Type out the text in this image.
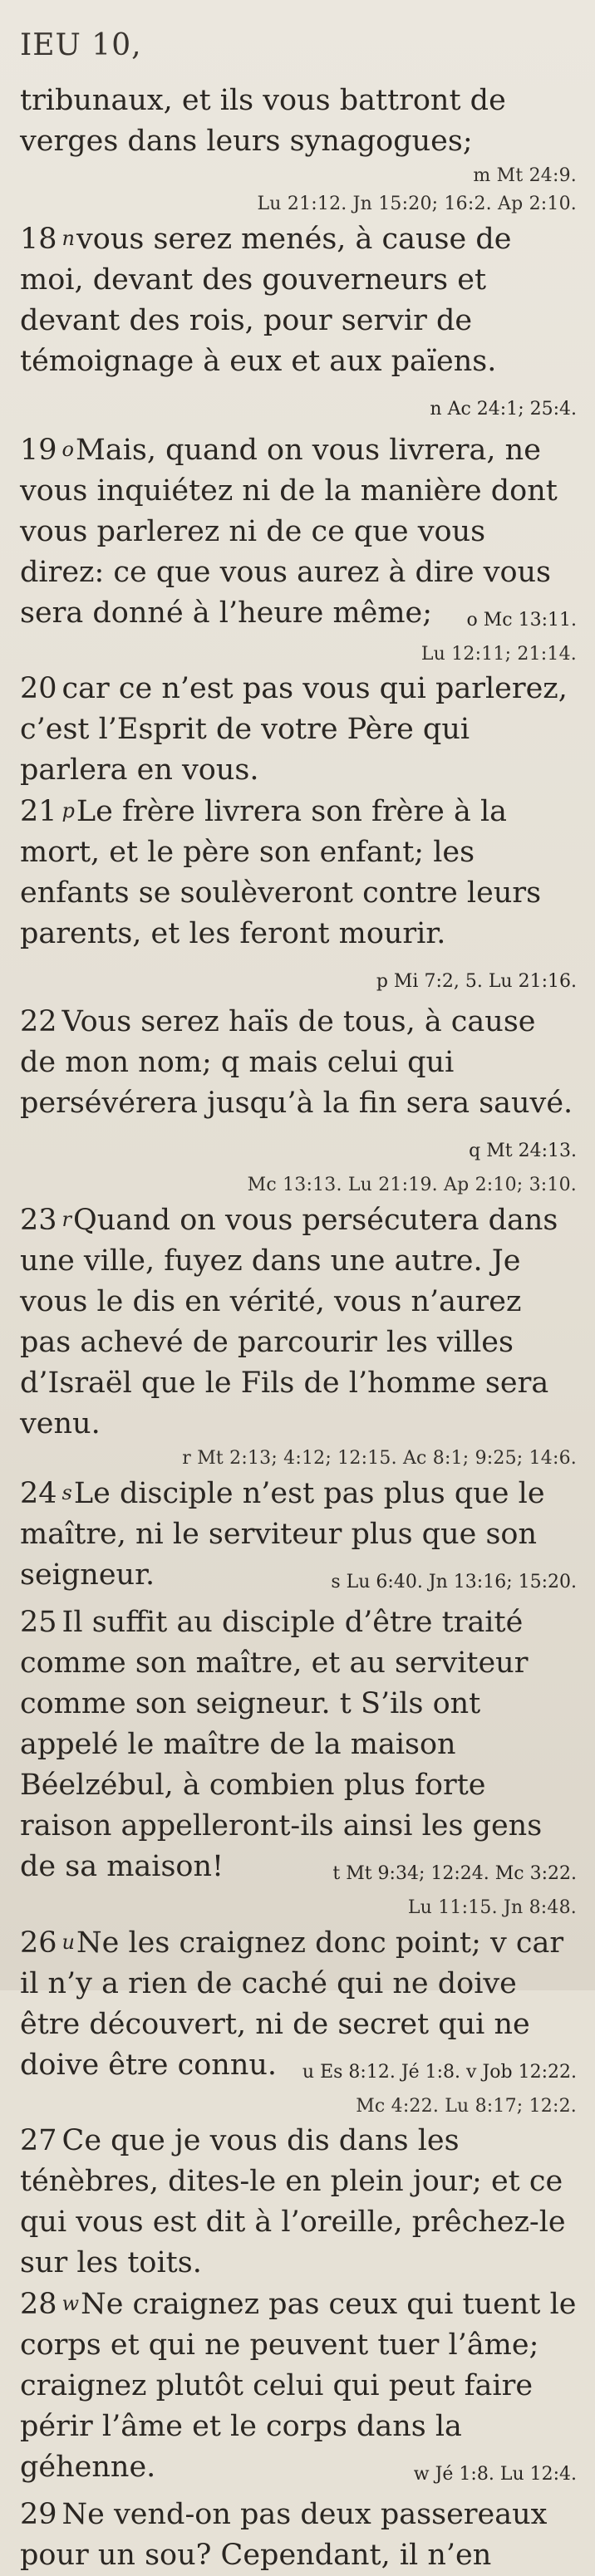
IEU 10,

tribunaux, et ils vous battront de verges dans leurs synagogues;

m Mt 24:9.
Lu 21:12. Jn 15:20; 16:2. Ap 2:10.

18 nvous serez menés, à cause de moi, devant des gouverneurs et devant des rois, pour servir de témoignage à eux et aux païens.
n Ac 24:1; 25:4.

19 oMais, quand on vous livrera, ne vous inquiétez ni de la manière dont vous parlerez ni de ce que vous direz: ce que vous aurez à dire vous sera donné à l’heure même; o Mc 13:11.

Lu 12:11; 21:14.

20 car ce n’est pas vous qui parlerez, c’est l’Esprit de votre Père qui parlera en vous.

21 pLe frère livrera son frère à la mort, et le père son enfant; les enfants se soulèveront contre leurs parents, et les feront mourir.
p Mi 7:2, 5. Lu 21:16.

22 Vous serez haïs de tous, à cause de mon nom; q mais celui qui persévérera jusqu’à la fin sera sauvé.
q Mt 24:13.

Mc 13:13. Lu 21:19. Ap 2:10; 3:10.

23 rQuand on vous persécutera dans une ville, fuyez dans une autre. Je vous le dis en vérité, vous n’aurez pas achevé de parcourir les villes d’Israël que le Fils de l’homme sera venu.

r Mt 2:13; 4:12; 12:15. Ac 8:1; 9:25; 14:6.

24 sLe disciple n’est pas plus que le maître, ni le serviteur plus que son seigneur.	s Lu 6:40. Jn 13:16; 15:20.

25 Il suffit au disciple d’être traité comme son maître, et au serviteur comme son seigneur. t S’ils ont appelé le maître de la maison Béelzébul, à combien plus forte raison appelleront-ils ainsi les gens de sa maison!	t Mt 9:34; 12:24. Mc 3:22.

Lu 11:15. Jn 8:48.

26 uNe les craignez donc point; v car il n’y a rien de caché qui ne doive être découvert, ni de secret qui ne doive être connu. u Es 8:12. Jé 1:8. v Job 12:22.

Mc 4:22. Lu 8:17; 12:2.

27 Ce que je vous dis dans les ténèbres, dites-le en plein jour; et ce qui vous est dit à l’oreille, prêchez-le sur les toits.

28 wNe craignez pas ceux qui tuent le corps et qui ne peuvent tuer l’âme; craignez plutôt celui qui peut faire périr l’âme et le corps dans la géhenne.	w Jé 1:8. Lu 12:4.

29 Ne vend-on pas deux passereaux pour un sou? Cependant, il n’en
